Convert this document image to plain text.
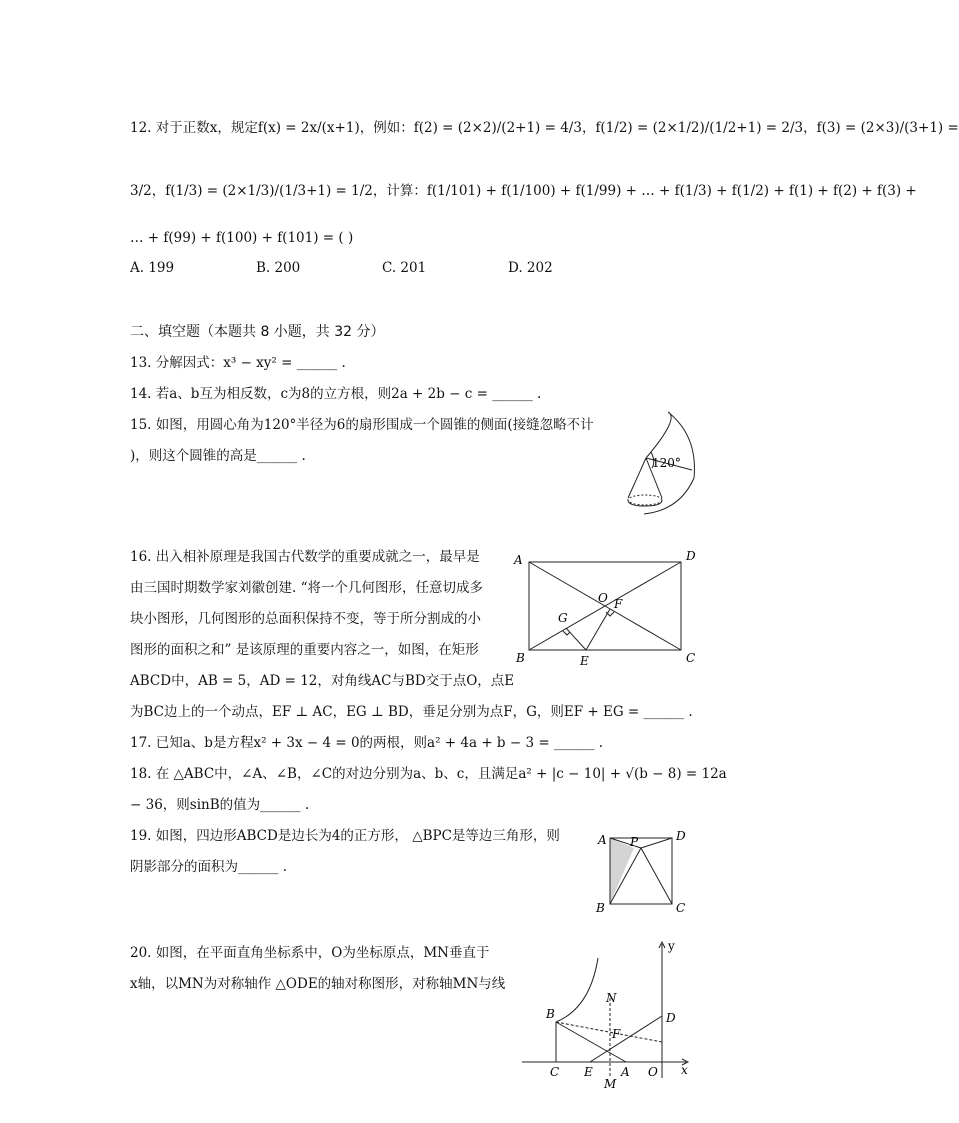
12. 对于正数x，规定f(x) = 2x/(x+1)，例如：f(2) = (2×2)/(2+1) = 4/3，f(1/2) = (2×1/2)/(1/2+1) = 2/3，f(3) = (2×3)/(3+1) =
3/2，f(1/3) = (2×1/3)/(1/3+1) = 1/2，计算：f(1/101) + f(1/100) + f(1/99) + … + f(1/3) + f(1/2) + f(1) + f(2) + f(3) +
… + f(99) + f(100) + f(101) = ( )
A. 199	B. 200	C. 201	D. 202
二、填空题（本题共 8 小题，共 32 分）
13. 分解因式：x³ − xy² = ______ .
14. 若a、b互为相反数，c为8的立方根，则2a + 2b − c = ______ .
15. 如图，用圆心角为120°半径为6的扇形围成一个圆锥的侧面(接缝忽略不计
)，则这个圆锥的高是______ .	120°
16. 出入相补原理是我国古代数学的重要成就之一，最早是
由三国时期数学家刘徽创建. “将一个几何图形，任意切成多
块小图形，几何图形的总面积保持不变，等于所分割成的小
图形的面积之和” 是该原理的重要内容之一，如图，在矩形
ABCD中，AB = 5，AD = 12，对角线AC与BD交于点O，点E
为BC边上的一个动点，EF ⊥ AC，EG ⊥ BD，垂足分别为点F，G，则EF + EG = ______ .
A	D
B	C
O F
G
E
17. 已知a、b是方程x² + 3x − 4 = 0的两根，则a² + 4a + b − 3 = ______ .
18. 在 △ABC中，∠A、∠B，∠C的对边分别为a、b、c，且满足a² + |c − 10| + √(b − 8) = 12a
− 36，则sinB的值为______ .
19. 如图，四边形ABCD是边长为4的正方形， △BPC是等边三角形，则
阴影部分的面积为______ .
A	D
B	C
P
20. 如图，在平面直角坐标系中，O为坐标原点，MN垂直于
x轴，以MN为对称轴作 △ODE的轴对称图形，对称轴MN与线
y
x
O
A
E
C
B	D
F
N
M
